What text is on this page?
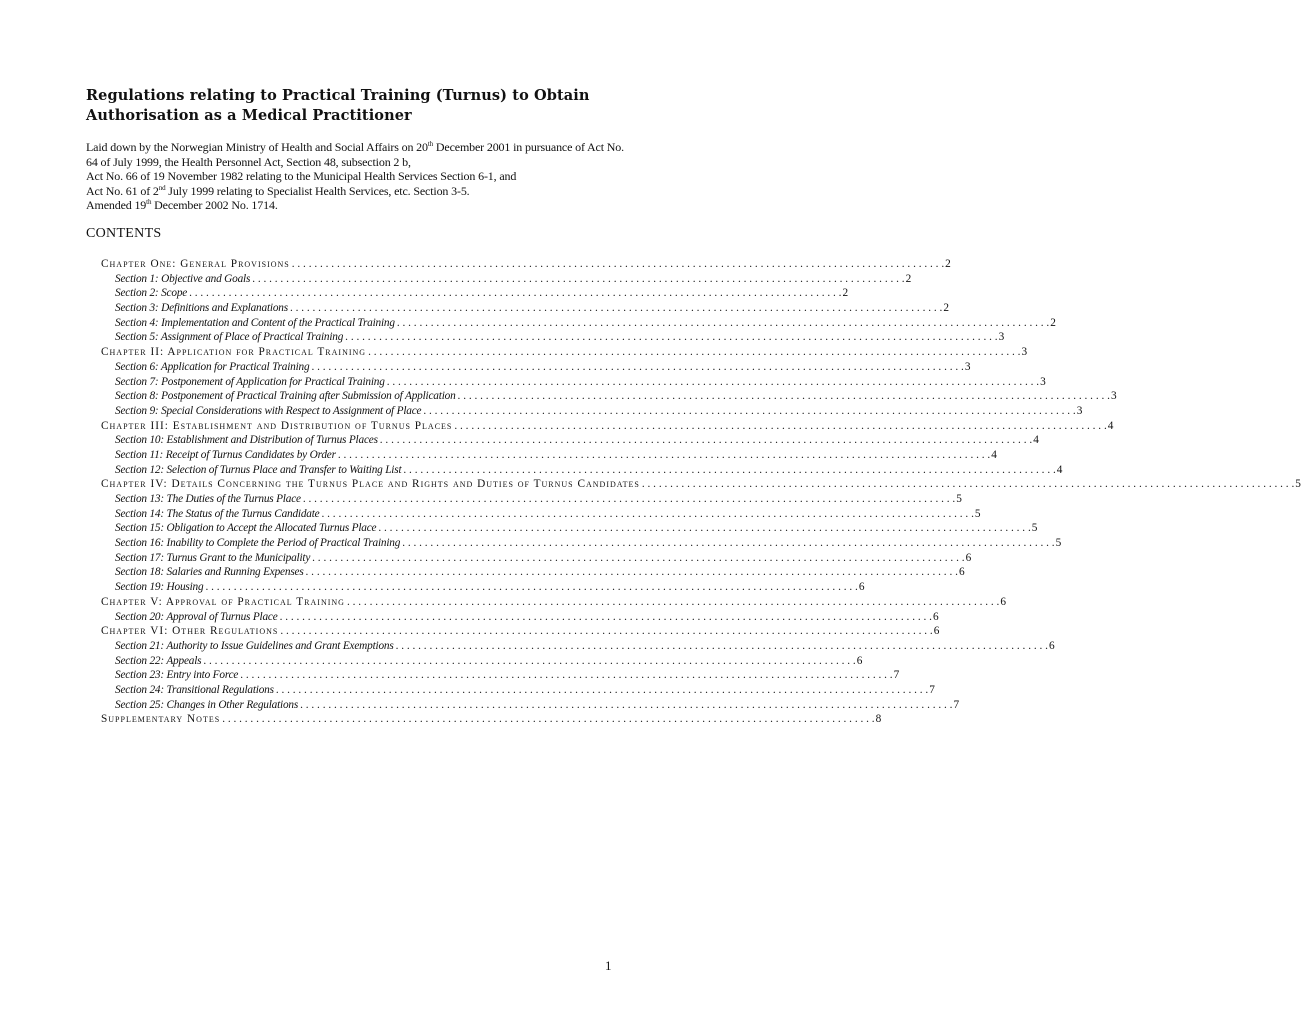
Regulations relating to Practical Training (Turnus) to Obtain
Authorisation as a Medical Practitioner

Laid down by the Norwegian Ministry of Health and Social Affairs on 20th December 2001 in pursuance of Act No. 64 of July 1999, the Health Personnel Act, Section 48, subsection 2 b,

Act No. 66 of 19 November 1982 relating to the Municipal Health Services Section 6-1, and

Act No. 61 of 2nd July 1999 relating to Specialist Health Services, etc. Section 3-5.

Amended 19th December 2002 No. 1714.

CONTENTS
Chapter One: General Provisions . . .	2
Section 1: Objective and Goals . . .	2
Section 2: Scope . . .	2
Section 3: Definitions and Explanations . . .	2
Section 4: Implementation and Content of the Practical Training . . .	2
Section 5: Assignment of Place of Practical Training . . .	3
Chapter II: Application for Practical Training . . .	3
Section 6: Application for Practical Training . . .	3
Section 7: Postponement of Application for Practical Training . . .	3
Section 8: Postponement of Practical Training after Submission of Application . . .	3
Section 9: Special Considerations with Respect to Assignment of Place . . .	3
Chapter III: Establishment and Distribution of Turnus Places . . .	4
Section 10: Establishment and Distribution of Turnus Places . . .	4
Section 11: Receipt of Turnus Candidates by Order . . .	4
Section 12: Selection of Turnus Place and Transfer to Waiting List . . .	4
Chapter IV: Details Concerning the Turnus Place and Rights and Duties of Turnus Candidates . . .	5
Section 13: The Duties of the Turnus Place . . .	5
Section 14: The Status of the Turnus Candidate . . .	5
Section 15: Obligation to Accept the Allocated Turnus Place . . .	5
Section 16: Inability to Complete the Period of Practical Training . . .	5
Section 17: Turnus Grant to the Municipality . . .	6
Section 18: Salaries and Running Expenses . . .	6
Section 19: Housing . . .	6
Chapter V: Approval of Practical Training . . .	6
Section 20: Approval of Turnus Place . . .	6
Chapter VI: Other Regulations . . .	6
Section 21: Authority to Issue Guidelines and Grant Exemptions . . .	6
Section 22: Appeals . . .	6
Section 23: Entry into Force . . .	7
Section 24: Transitional Regulations . . .	7
Section 25: Changes in Other Regulations . . .	7
Supplementary Notes . . .	8
1
